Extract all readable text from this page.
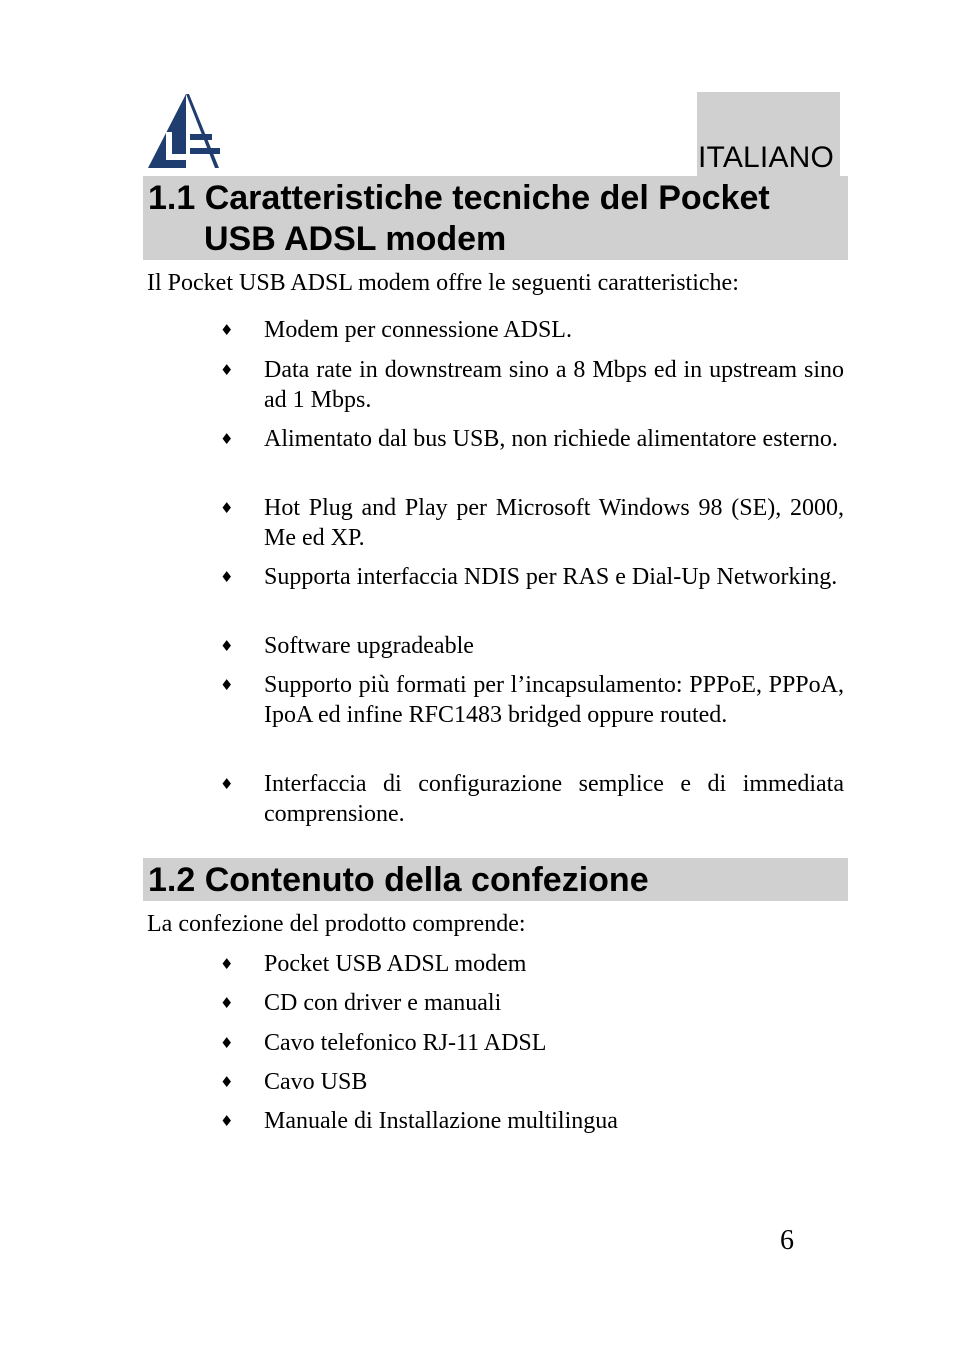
ITALIANO
1.1 Caratteristiche tecniche del Pocket
USB ADSL modem
Il Pocket USB ADSL modem offre le seguenti caratteristiche:
♦ Modem per connessione ADSL.
♦ Data rate in downstream sino a 8 Mbps ed in upstream sino ad 1 Mbps.
♦ Alimentato dal bus USB, non richiede alimentatore esterno.
♦ Hot Plug and Play per Microsoft Windows 98 (SE), 2000, Me ed XP.
♦ Supporta interfaccia NDIS per RAS e Dial-Up Networking.
♦ Software upgradeable
♦ Supporto più formati per l’incapsulamento: PPPoE, PPPoA, IpoA ed infine RFC1483 bridged oppure routed.
♦ Interfaccia di configurazione semplice e di immediata comprensione.
1.2 Contenuto della confezione
La confezione del prodotto comprende:
♦ Pocket USB ADSL modem
♦ CD con driver e manuali
♦ Cavo telefonico RJ-11 ADSL
♦ Cavo USB
♦ Manuale di Installazione multilingua
6
